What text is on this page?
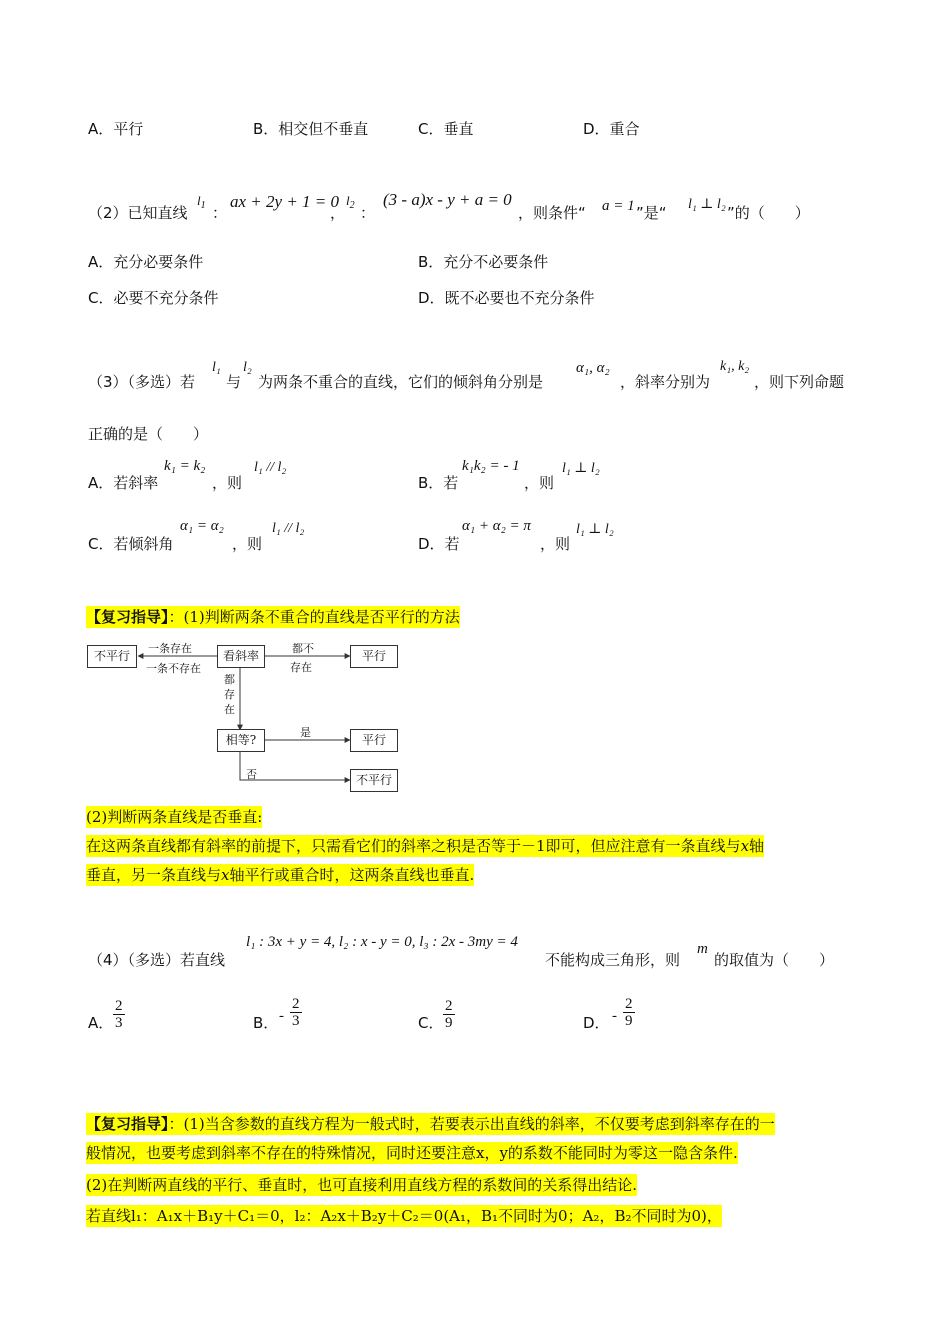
A．平行	B．相交但不垂直	C．垂直	D．重合
（2）已知直线
$l_1$ ：
ax + 2y + 1 = 0
，
$l_2$ ：
(3 - a)x - y + a = 0
，则条件“ a = 1 ”是“ l₁ ⊥ l₂ ”的（　　）
A．充分必要条件	B．充分不必要条件
C．必要不充分条件	D．既不必要也不充分条件
（3）（多选）若
l₁
与
l₂
为两条不重合的直线，它们的倾斜角分别是
α₁, α₂
，斜率分别为
k₁, k₂
，则下列命题
正确的是（　　）
A．若斜率
k₁ = k₂
，则
l₁ // l₂
B．若
k₁k₂ = - 1
，则
l₁ ⊥ l₂
C．若倾斜角
α₁ = α₂
，则
l₁ // l₂
D．若
α₁ + α₂ = π
，则
l₁ ⊥ l₂
【复习指导】：(1)判断两条不重合的直线是否平行的方法
不平行
一条存在
一条不存在
看斜率
都不
存在
平行
都存在
相等?
是
平行
否	不平行
(2)判断两条直线是否垂直:
在这两条直线都有斜率的前提下，只需看它们的斜率之积是否等于－1即可，但应注意有一条直线与x轴
垂直，另一条直线与x轴平行或重合时，这两条直线也垂直.
（4）（多选）若直线
l₁ : 3x + y = 4, l₂ : x - y = 0, l₃ : 2x - 3my = 4
不能构成三角形，则
m
的取值为（　　）
A． $\frac{2}{3}$	B． - $\frac{2}{3}$	C． $\frac{2}{9}$	D． - $\frac{2}{9}$
【复习指导】：(1)当含参数的直线方程为一般式时，若要表示出直线的斜率，不仅要考虑到斜率存在的一
般情况，也要考虑到斜率不存在的特殊情况，同时还要注意x，y的系数不能同时为零这一隐含条件.
(2)在判断两直线的平行、垂直时，也可直接利用直线方程的系数间的关系得出结论.
若直线l₁：A₁x＋B₁y＋C₁＝0，l₂：A₂x＋B₂y＋C₂＝0(A₁，B₁不同时为0；A₂，B₂不同时为0)，
